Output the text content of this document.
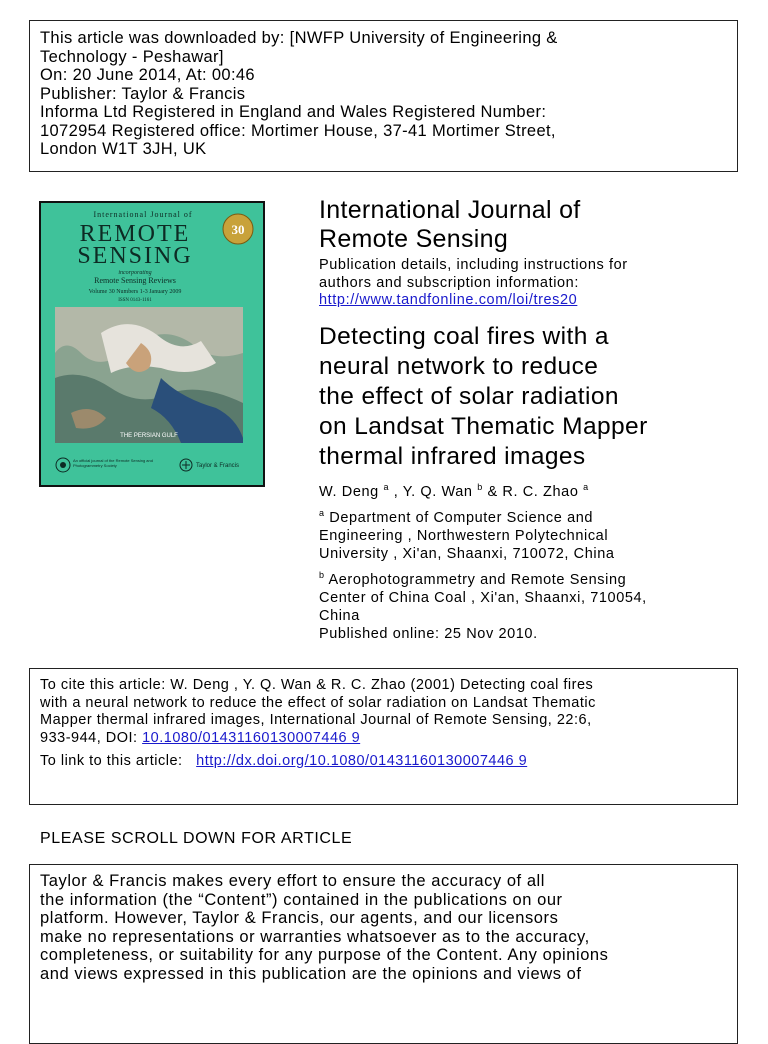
This article was downloaded by: [NWFP University of Engineering &
Technology - Peshawar]
On: 20 June 2014, At: 00:46
Publisher: Taylor & Francis
Informa Ltd Registered in England and Wales Registered Number:
1072954 Registered office: Mortimer House, 37-41 Mortimer Street,
London W1T 3JH, UK
International Journal of
REMOTE
SENSING
30
incorporating
Remote Sensing Reviews
Volume 30 Numbers 1-3 January 2009
ISSN 0143-1161
THE PERSIAN GULF
An official journal of the Remote Sensing and Photogrammetry Society	Taylor & Francis
International Journal of
Remote Sensing
Publication details, including instructions for
authors and subscription information:
http://www.tandfonline.com/loi/tres20
Detecting coal fires with a
neural network to reduce
the effect of solar radiation
on Landsat Thematic Mapper
thermal infrared images
W. Deng $^a$ , Y. Q. Wan $^b$ & R. C. Zhao $^a$
$^a$ Department of Computer Science and
Engineering , Northwestern Polytechnical
University , Xi'an, Shaanxi, 710072, China
$^b$ Aerophotogrammetry and Remote Sensing
Center of China Coal , Xi'an, Shaanxi, 710054,
China
Published online: 25 Nov 2010.
To cite this article: W. Deng , Y. Q. Wan & R. C. Zhao (2001) Detecting coal fires
with a neural network to reduce the effect of solar radiation on Landsat Thematic
Mapper thermal infrared images, International Journal of Remote Sensing, 22:6,
933-944, DOI: 10.1080/01431160130007446 9
To link to this article: http://dx.doi.org/10.1080/01431160130007446 9
PLEASE SCROLL DOWN FOR ARTICLE
Taylor & Francis makes every effort to ensure the accuracy of all
the information (the “Content”) contained in the publications on our
platform. However, Taylor & Francis, our agents, and our licensors
make no representations or warranties whatsoever as to the accuracy,
completeness, or suitability for any purpose of the Content. Any opinions
and views expressed in this publication are the opinions and views of
